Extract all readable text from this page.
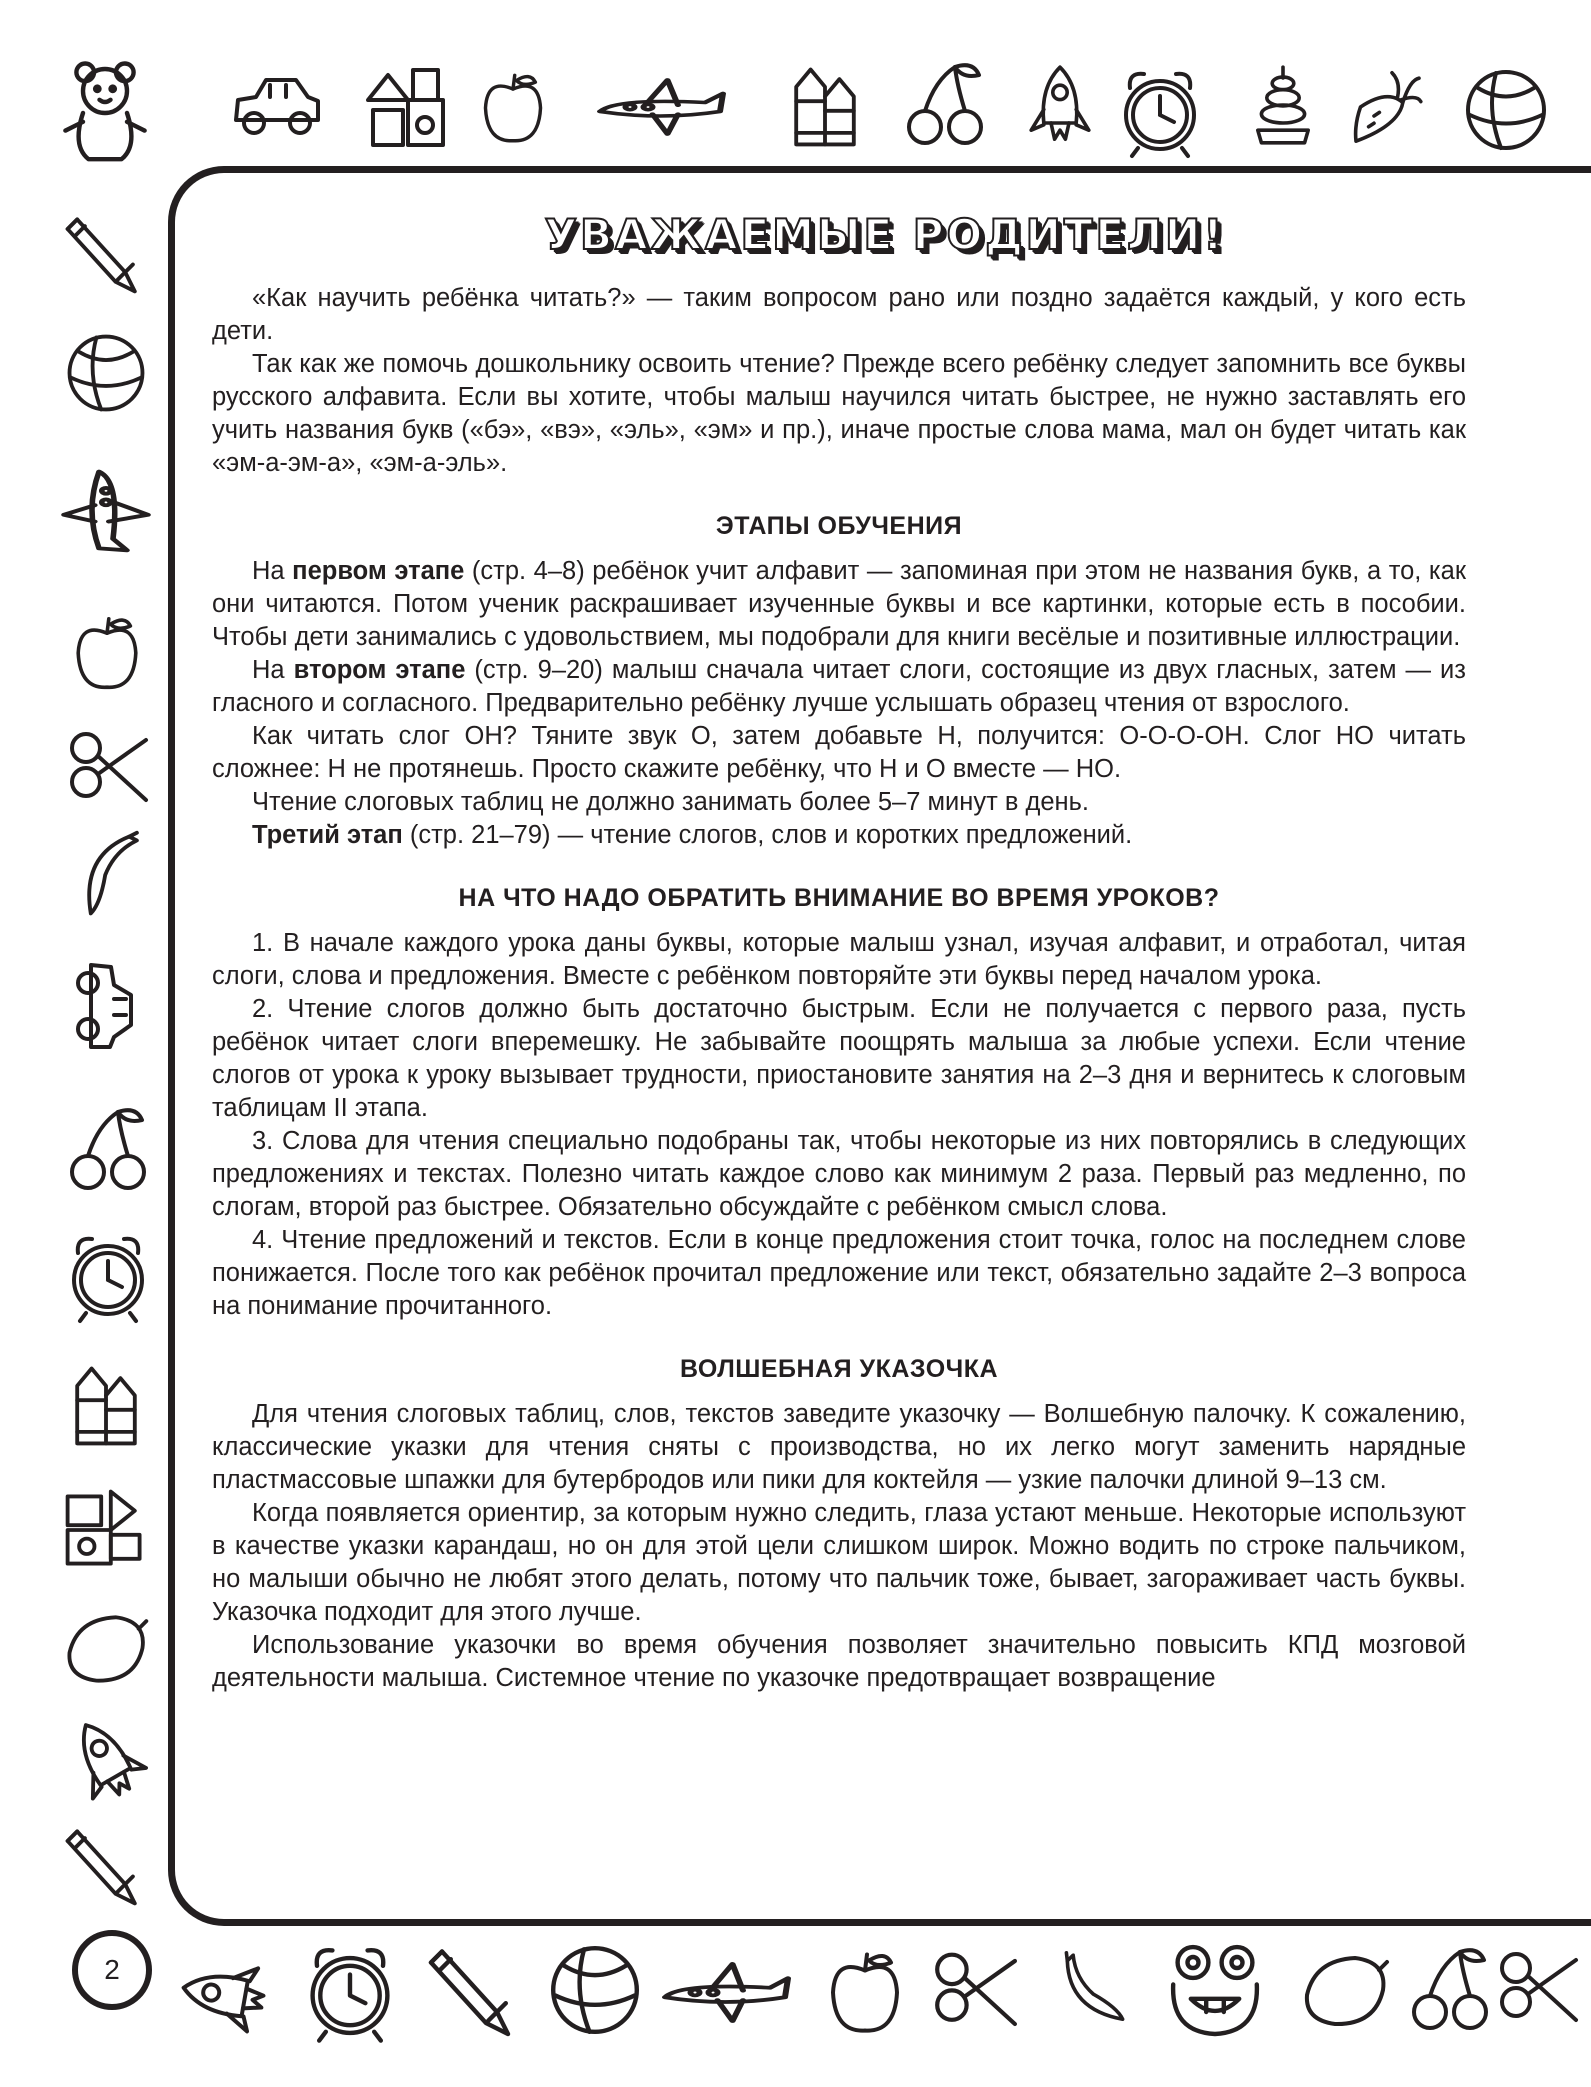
УВАЖАЕМЫЕ РОДИТЕЛИ!

«Как научить ребёнка читать?» — таким вопросом рано или поздно задаётся каждый, у кого есть дети.

Так как же помочь дошкольнику освоить чтение? Прежде всего ребёнку следует запомнить все буквы русского алфавита. Если вы хотите, чтобы малыш научился читать быстрее, не нужно заставлять его учить названия букв («бэ», «вэ», «эль», «эм» и пр.), иначе простые слова мама, мал он будет читать как «эм-а-эм-а», «эм-а-эль».

ЭТАПЫ ОБУЧЕНИЯ

На первом этапе (стр. 4–8) ребёнок учит алфавит — запоминая при этом не названия букв, а то, как они читаются. Потом ученик раскрашивает изученные буквы и все картинки, которые есть в пособии. Чтобы дети занимались с удовольствием, мы подобрали для книги весёлые и позитивные иллюстрации.

На втором этапе (стр. 9–20) малыш сначала читает слоги, состоящие из двух гласных, затем — из гласного и согласного. Предварительно ребёнку лучше услышать образец чтения от взрослого.

Как читать слог ОН? Тяните звук О, затем добавьте Н, получится: О-О-О-ОН. Слог НО читать сложнее: Н не протянешь. Просто скажите ребёнку, что Н и О вместе — НО.

Чтение слоговых таблиц не должно занимать более 5–7 минут в день.

Третий этап (стр. 21–79) — чтение слогов, слов и коротких предложений.

НА ЧТО НАДО ОБРАТИТЬ ВНИМАНИЕ ВО ВРЕМЯ УРОКОВ?

1. В начале каждого урока даны буквы, которые малыш узнал, изучая алфавит, и отработал, читая слоги, слова и предложения. Вместе с ребёнком повторяйте эти буквы перед началом урока.

2. Чтение слогов должно быть достаточно быстрым. Если не получается с первого раза, пусть ребёнок читает слоги вперемешку. Не забывайте поощрять малыша за любые успехи. Если чтение слогов от урока к уроку вызывает трудности, приостановите занятия на 2–3 дня и вернитесь к слоговым таблицам II этапа.

3. Слова для чтения специально подобраны так, чтобы некоторые из них повторялись в следующих предложениях и текстах. Полезно читать каждое слово как минимум 2 раза. Первый раз медленно, по слогам, второй раз быстрее. Обязательно обсуждайте с ребёнком смысл слова.

4. Чтение предложений и текстов. Если в конце предложения стоит точка, голос на последнем слове понижается. После того как ребёнок прочитал предложение или текст, обязательно задайте 2–3 вопроса на понимание прочитанного.

ВОЛШЕБНАЯ УКАЗОЧКА

Для чтения слоговых таблиц, слов, текстов заведите указочку — Волшебную палочку. К сожалению, классические указки для чтения сняты с производства, но их легко могут заменить нарядные пластмассовые шпажки для бутербродов или пики для коктейля — узкие палочки длиной 9–13 см.

Когда появляется ориентир, за которым нужно следить, глаза устают меньше. Некоторые используют в качестве указки карандаш, но он для этой цели слишком широк. Можно водить по строке пальчиком, но малыши обычно не любят этого делать, потому что пальчик тоже, бывает, загораживает часть буквы. Указочка подходит для этого лучше.

Использование указочки во время обучения позволяет значительно повысить КПД мозговой деятельности малыша. Системное чтение по указочке предотвращает возвращение

2
